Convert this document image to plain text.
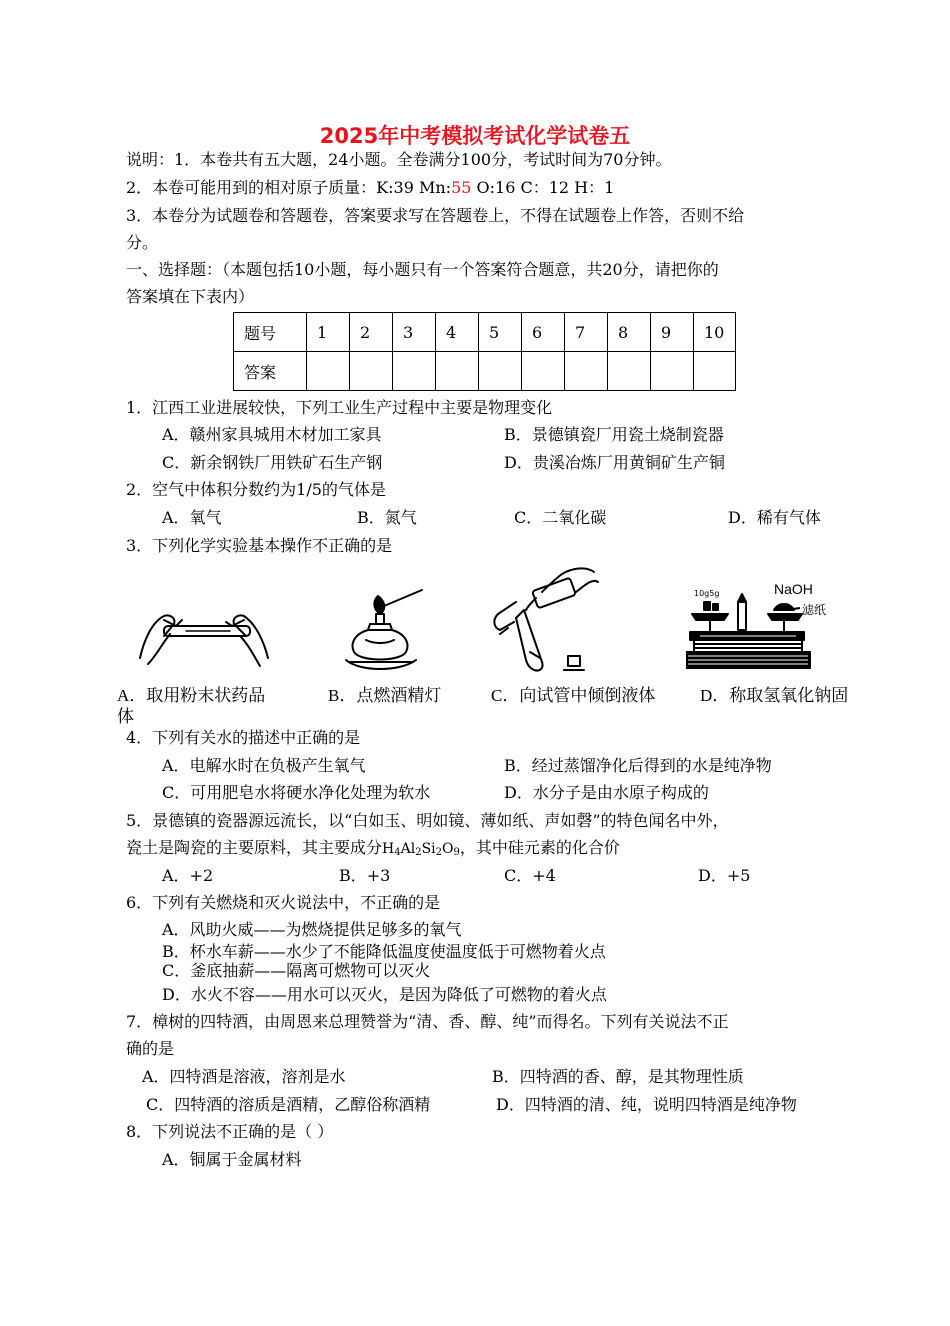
2025年中考模拟考试化学试卷五
说明：1．本卷共有五大题，24小题。全卷满分100分，考试时间为70分钟。
2．本卷可能用到的相对原子质量：K:39 Mn:55 O:16 C：12 H：1
3．本卷分为试题卷和答题卷，答案要求写在答题卷上，不得在试题卷上作答，否则不给
分。
一、选择题：（本题包括10小题，每小题只有一个答案符合题意，共20分，请把你的
答案填在下表内）
题号	1	2	3	4	5	6	7	8	9	10
答案										
1．江西工业进展较快，下列工业生产过程中主要是物理变化
A．赣州家具城用木材加工家具	B．景德镇瓷厂用瓷土烧制瓷器
C．新余钢铁厂用铁矿石生产钢	D．贵溪冶炼厂用黄铜矿生产铜
2．空气中体积分数约为1/5的气体是
A．氧气	B．氮气	C．二氧化碳	D．稀有气体
3．下列化学实验基本操作不正确的是
10g5g	NaOH
滤纸
A．取用粉末状药品	B．点燃酒精灯	C．向试管中倾倒液体	D．称取氢氧化钠固
体
4．下列有关水的描述中正确的是
A．电解水时在负极产生氧气	B．经过蒸馏净化后得到的水是纯净物
C．可用肥皂水将硬水净化处理为软水	D．水分子是由水原子构成的
5．景德镇的瓷器源远流长，以“白如玉、明如镜、薄如纸、声如磬”的特色闻名中外，
瓷土是陶瓷的主要原料，其主要成分$H_4Al_2Si_2O_9$，其中硅元素的化合价
A．+2	B．+3	C．+4	D．+5
6．下列有关燃烧和灭火说法中，不正确的是
A．风助火威——为燃烧提供足够多的氧气
B．杯水车薪——水少了不能降低温度使温度低于可燃物着火点
C．釜底抽薪——隔离可燃物可以灭火
D．水火不容——用水可以灭火，是因为降低了可燃物的着火点
7．樟树的四特酒，由周恩来总理赞誉为“清、香、醇、纯”而得名。下列有关说法不正
确的是
A．四特酒是溶液，溶剂是水	B．四特酒的香、醇，是其物理性质
C．四特酒的溶质是酒精，乙醇俗称酒精	D．四特酒的清、纯，说明四特酒是纯净物
8．下列说法不正确的是（ ）
A．铜属于金属材料
